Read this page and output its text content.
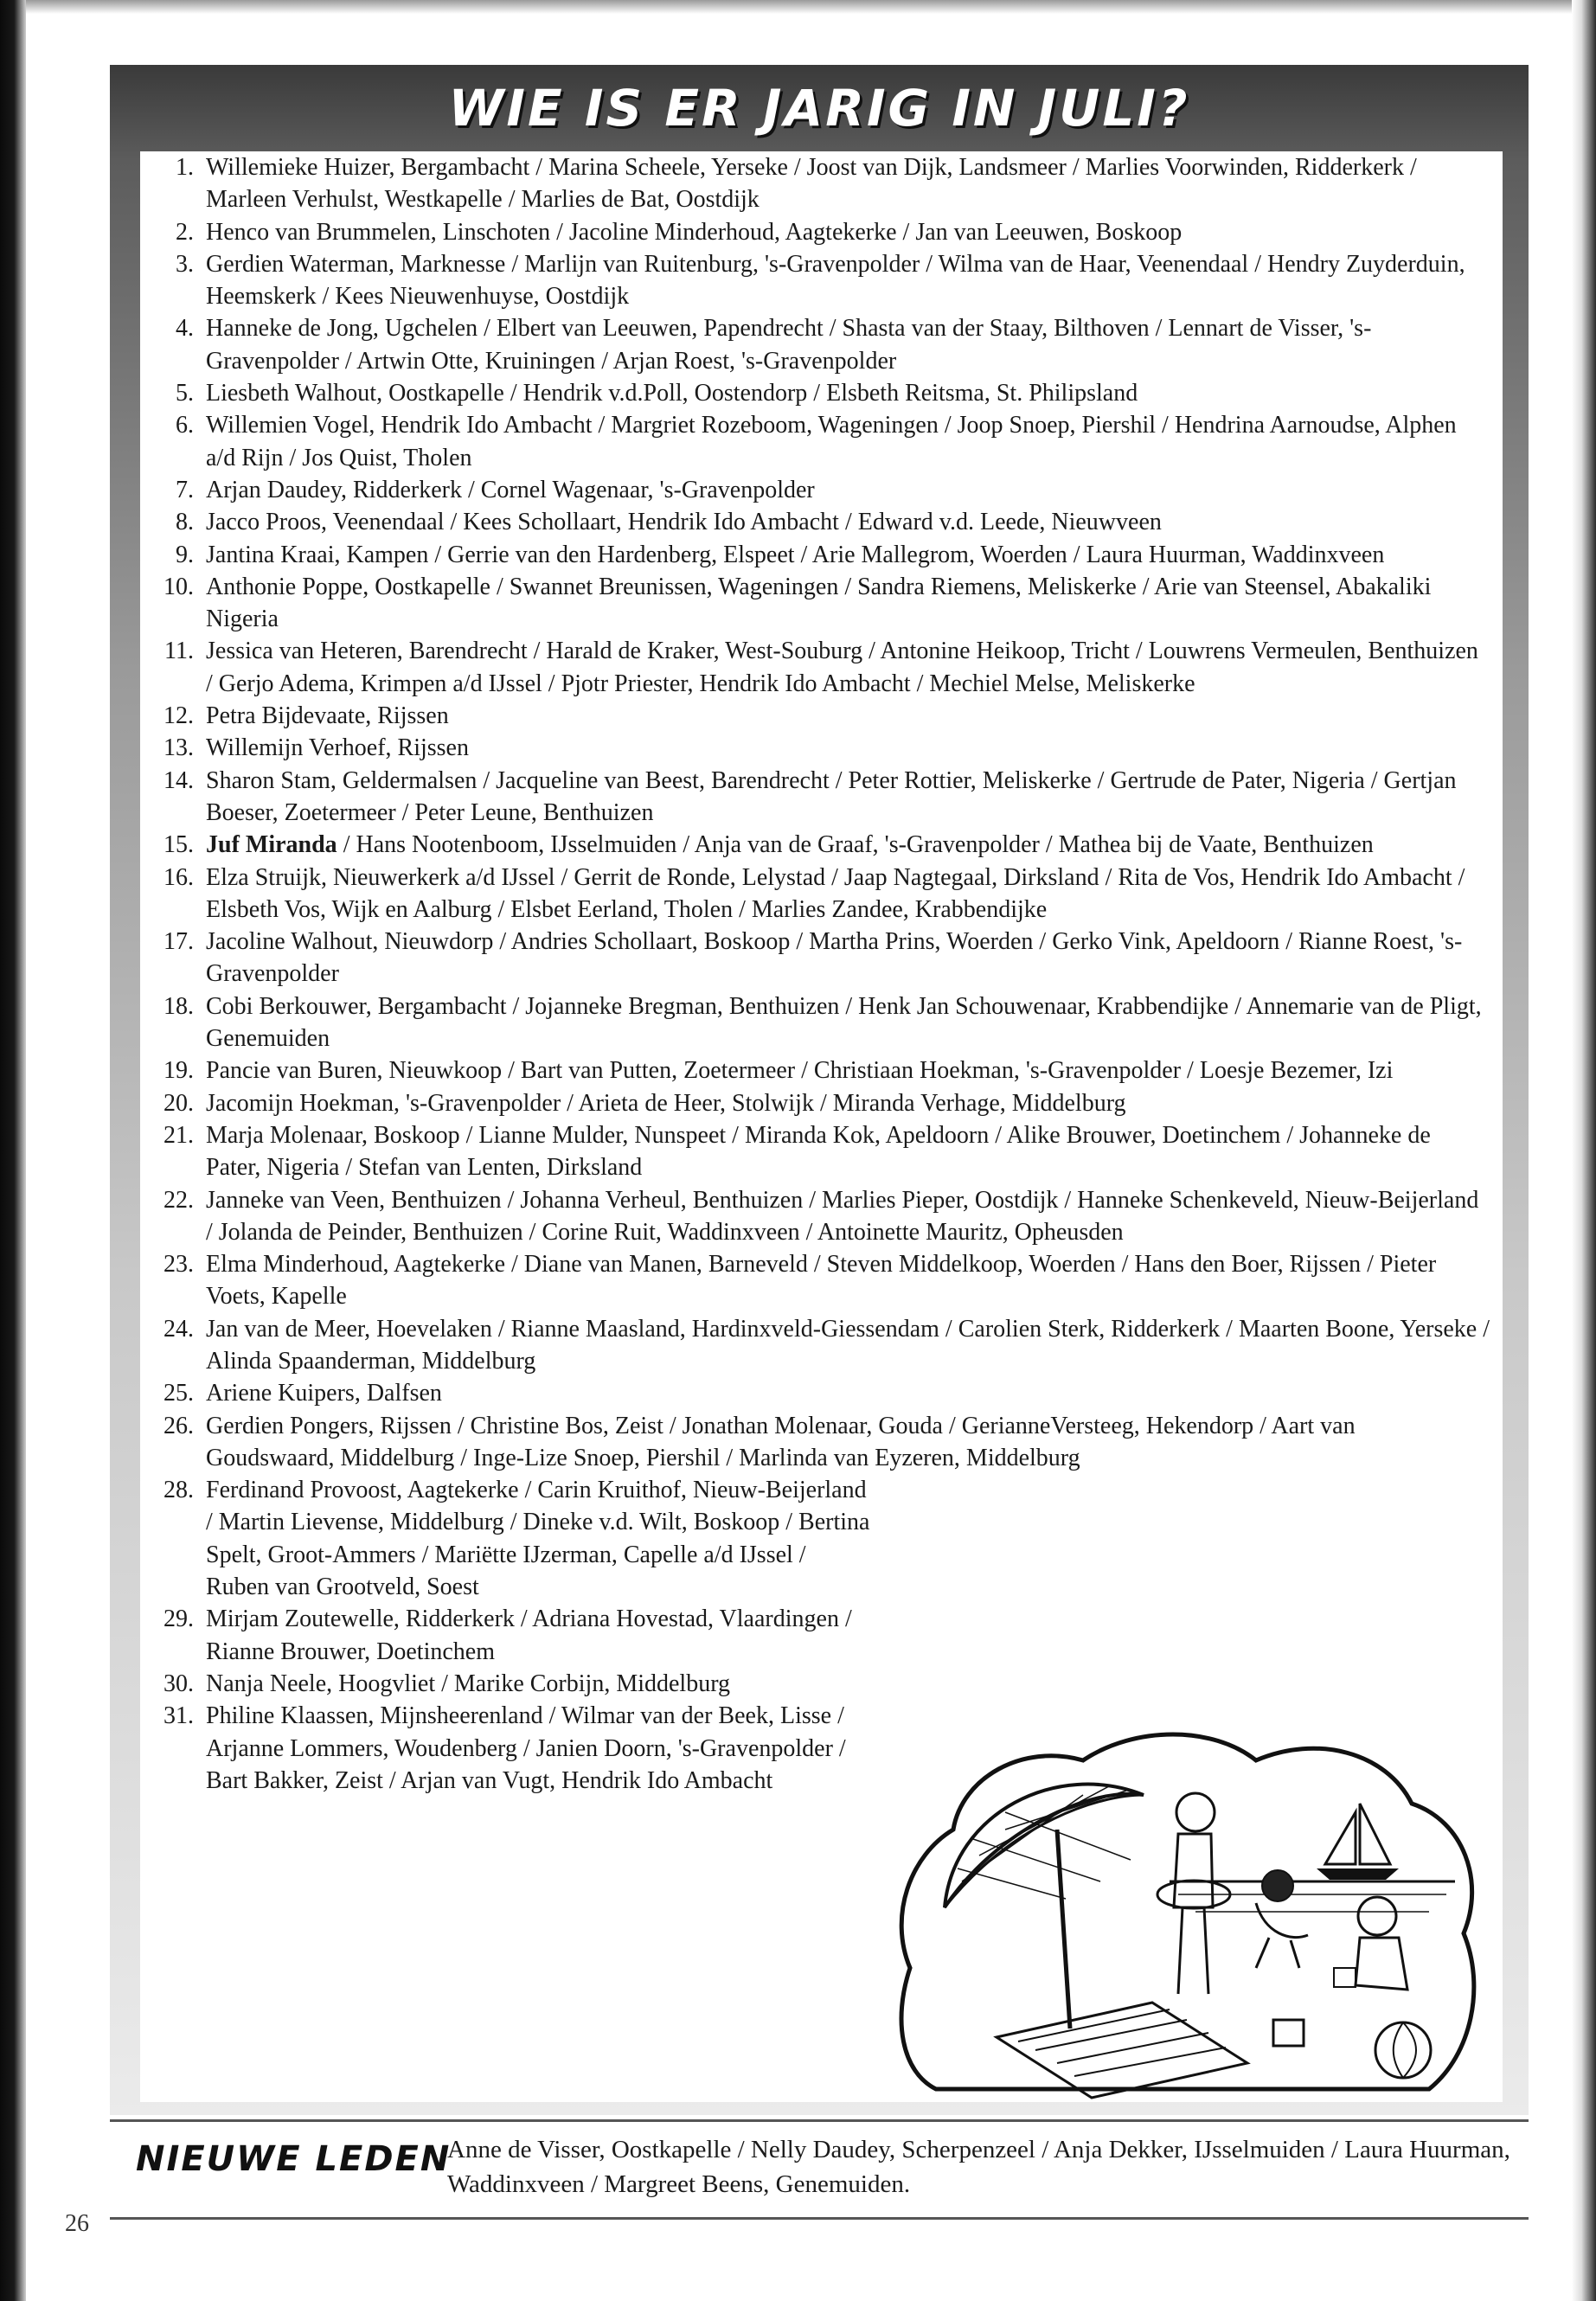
WIE IS ER JARIG IN JULI?
1. Willemieke Huizer, Bergambacht / Marina Scheele, Yerseke / Joost van Dijk, Landsmeer / Marlies Voorwinden, Ridderkerk / Marleen Verhulst, Westkapelle / Marlies de Bat, Oostdijk
2. Henco van Brummelen, Linschoten / Jacoline Minderhoud, Aagtekerke / Jan van Leeuwen, Boskoop
3. Gerdien Waterman, Marknesse / Marlijn van Ruitenburg, 's-Gravenpolder / Wilma van de Haar, Veenendaal / Hendry Zuyderduin, Heemskerk / Kees Nieuwenhuyse, Oostdijk
4. Hanneke de Jong, Ugchelen / Elbert van Leeuwen, Papendrecht / Shasta van der Staay, Bilthoven / Lennart de Visser, 's-Gravenpolder / Artwin Otte, Kruiningen / Arjan Roest, 's-Gravenpolder
5. Liesbeth Walhout, Oostkapelle / Hendrik v.d.Poll, Oostendorp / Elsbeth Reitsma, St. Philipsland
6. Willemien Vogel, Hendrik Ido Ambacht / Margriet Rozeboom, Wageningen / Joop Snoep, Piershil / Hendrina Aarnoudse, Alphen a/d Rijn / Jos Quist, Tholen
7. Arjan Daudey, Ridderkerk / Cornel Wagenaar, 's-Gravenpolder
8. Jacco Proos, Veenendaal / Kees Schollaart, Hendrik Ido Ambacht / Edward v.d. Leede, Nieuwveen
9. Jantina Kraai, Kampen / Gerrie van den Hardenberg, Elspeet / Arie Mallegrom, Woerden / Laura Huurman, Waddinxveen
10. Anthonie Poppe, Oostkapelle / Swannet Breunissen, Wageningen / Sandra Riemens, Meliskerke / Arie van Steensel, Abakaliki Nigeria
11. Jessica van Heteren, Barendrecht / Harald de Kraker, West-Souburg / Antonine Heikoop, Tricht / Louwrens Vermeulen, Benthuizen / Gerjo Adema, Krimpen a/d IJssel / Pjotr Priester, Hendrik Ido Ambacht / Mechiel Melse, Meliskerke
12. Petra Bijdevaate, Rijssen
13. Willemijn Verhoef, Rijssen
14. Sharon Stam, Geldermalsen / Jacqueline van Beest, Barendrecht / Peter Rottier, Meliskerke / Gertrude de Pater, Nigeria / Gertjan Boeser, Zoetermeer / Peter Leune, Benthuizen
15. Juf Miranda / Hans Nootenboom, IJsselmuiden / Anja van de Graaf, 's-Gravenpolder / Mathea bij de Vaate, Benthuizen
16. Elza Struijk, Nieuwerkerk a/d IJssel / Gerrit de Ronde, Lelystad / Jaap Nagtegaal, Dirksland / Rita de Vos, Hendrik Ido Ambacht / Elsbeth Vos, Wijk en Aalburg / Elsbet Eerland, Tholen / Marlies Zandee, Krabbendijke
17. Jacoline Walhout, Nieuwdorp / Andries Schollaart, Boskoop / Martha Prins, Woerden / Gerko Vink, Apeldoorn / Rianne Roest, 's-Gravenpolder
18. Cobi Berkouwer, Bergambacht / Jojanneke Bregman, Benthuizen / Henk Jan Schouwenaar, Krabbendijke / Annemarie van de Pligt, Genemuiden
19. Pancie van Buren, Nieuwkoop / Bart van Putten, Zoetermeer / Christiaan Hoekman, 's-Gravenpolder / Loesje Bezemer, Izi
20. Jacomijn Hoekman, 's-Gravenpolder / Arieta de Heer, Stolwijk / Miranda Verhage, Middelburg
21. Marja Molenaar, Boskoop / Lianne Mulder, Nunspeet / Miranda Kok, Apeldoorn / Alike Brouwer, Doetinchem / Johanneke de Pater, Nigeria / Stefan van Lenten, Dirksland
22. Janneke van Veen, Benthuizen / Johanna Verheul, Benthuizen / Marlies Pieper, Oostdijk / Hanneke Schenkeveld, Nieuw-Beijerland / Jolanda de Peinder, Benthuizen / Corine Ruit, Waddinxveen / Antoinette Mauritz, Opheusden
23. Elma Minderhoud, Aagtekerke / Diane van Manen, Barneveld / Steven Middelkoop, Woerden / Hans den Boer, Rijssen / Pieter Voets, Kapelle
24. Jan van de Meer, Hoevelaken / Rianne Maasland, Hardinxveld-Giessendam / Carolien Sterk, Ridderkerk / Maarten Boone, Yerseke / Alinda Spaanderman, Middelburg
25. Ariene Kuipers, Dalfsen
26. Gerdien Pongers, Rijssen / Christine Bos, Zeist / Jonathan Molenaar, Gouda / GerianneVersteeg, Hekendorp / Aart van Goudswaard, Middelburg / Inge-Lize Snoep, Piershil / Marlinda van Eyzeren, Middelburg
28. Ferdinand Provoost, Aagtekerke / Carin Kruithof, Nieuw-Beijerland / Martin Lievense, Middelburg / Dineke v.d. Wilt, Boskoop / Bertina Spelt, Groot-Ammers / Mariëtte IJzerman, Capelle a/d IJssel / Ruben van Grootveld, Soest
29. Mirjam Zoutewelle, Ridderkerk / Adriana Hovestad, Vlaardingen / Rianne Brouwer, Doetinchem
30. Nanja Neele, Hoogvliet / Marike Corbijn, Middelburg
31. Philine Klaassen, Mijnsheerenland / Wilmar van der Beek, Lisse / Arjanne Lommers, Woudenberg / Janien Doorn, 's-Gravenpolder / Bart Bakker, Zeist / Arjan van Vugt, Hendrik Ido Ambacht
NIEUWE LEDEN
Anne de Visser, Oostkapelle / Nelly Daudey, Scherpenzeel / Anja Dekker, IJsselmuiden / Laura Huurman, Waddinxveen / Margreet Beens, Genemuiden.
26
